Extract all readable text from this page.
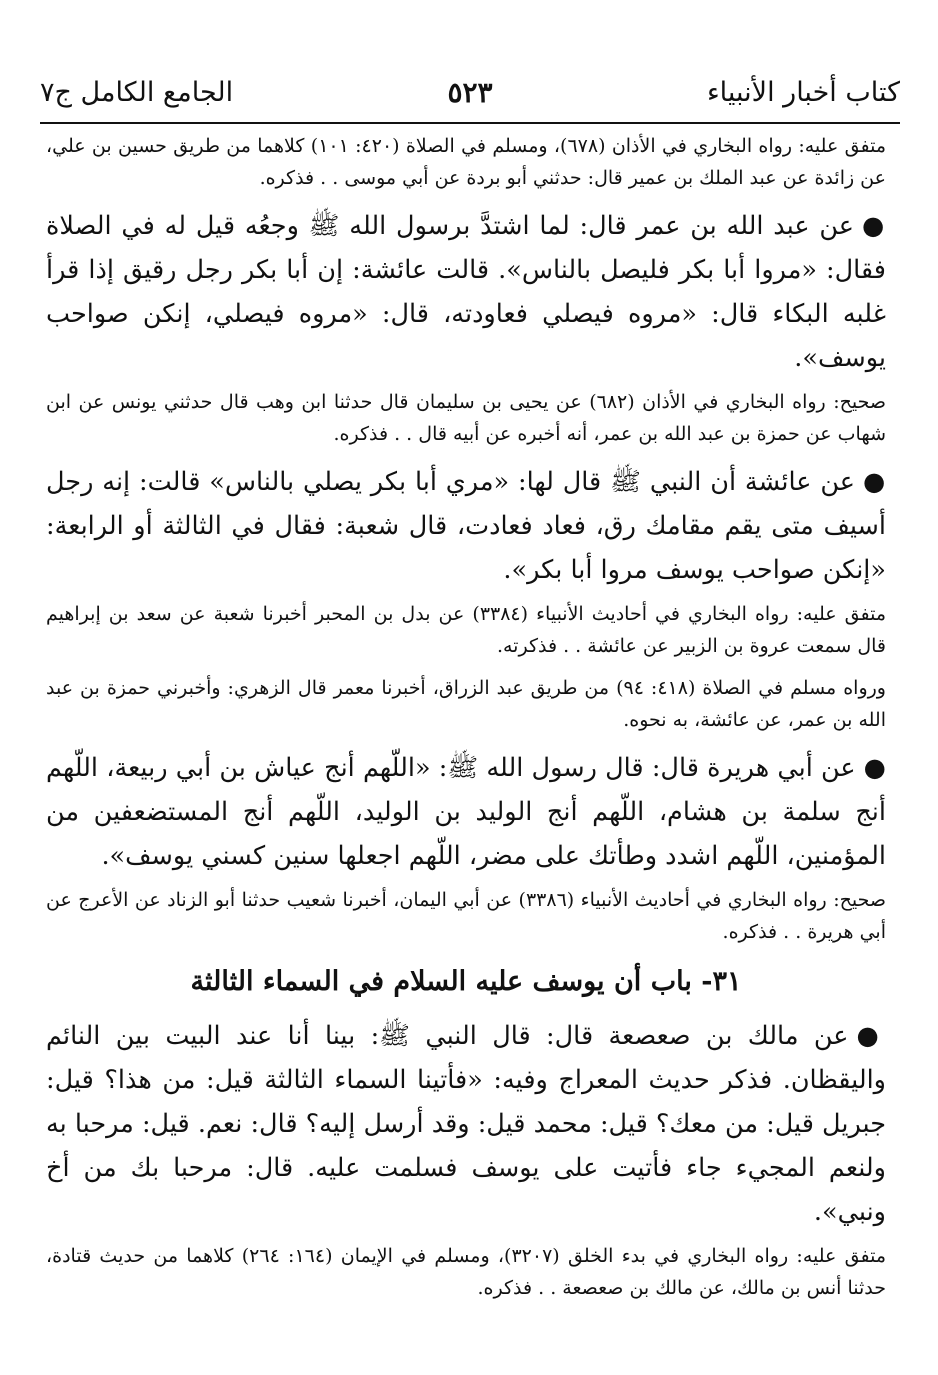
كتاب أخبار الأنبياء
٥٢٣
الجامع الكامل ج٧

متفق عليه: رواه البخاري في الأذان (٦٧٨)، ومسلم في الصلاة (٤٢٠: ١٠١) كلاهما من طريق حسين بن علي، عن زائدة عن عبد الملك بن عمير قال: حدثني أبو بردة عن أبي موسى . . فذكره.

●عن عبد الله بن عمر قال: لما اشتدَّ برسول الله ﷺ وجعُه قيل له في الصلاة فقال: «مروا أبا بكر فليصل بالناس». قالت عائشة: إن أبا بكر رجل رقيق إذا قرأ غلبه البكاء قال: «مروه فيصلي فعاودته، قال: «مروه فيصلي، إنكن صواحب يوسف».

صحيح: رواه البخاري في الأذان (٦٨٢) عن يحيى بن سليمان قال حدثنا ابن وهب قال حدثني يونس عن ابن شهاب عن حمزة بن عبد الله بن عمر، أنه أخبره عن أبيه قال . . فذكره.

●عن عائشة أن النبي ﷺ قال لها: «مري أبا بكر يصلي بالناس» قالت: إنه رجل أسيف متى يقم مقامك رق، فعاد فعادت، قال شعبة: فقال في الثالثة أو الرابعة: «إنكن صواحب يوسف مروا أبا بكر».

متفق عليه: رواه البخاري في أحاديث الأنبياء (٣٣٨٤) عن بدل بن المحبر أخبرنا شعبة عن سعد بن إبراهيم قال سمعت عروة بن الزبير عن عائشة . . فذكرته.

ورواه مسلم في الصلاة (٤١٨: ٩٤) من طريق عبد الزراق، أخبرنا معمر قال الزهري: وأخبرني حمزة بن عبد الله بن عمر، عن عائشة، به نحوه.

●عن أبي هريرة قال: قال رسول الله ﷺ: «اللّهم أنج عياش بن أبي ربيعة، اللّهم أنج سلمة بن هشام، اللّهم أنج الوليد بن الوليد، اللّهم أنج المستضعفين من المؤمنين، اللّهم اشدد وطأتك على مضر، اللّهم اجعلها سنين كسني يوسف».

صحيح: رواه البخاري في أحاديث الأنبياء (٣٣٨٦) عن أبي اليمان، أخبرنا شعيب حدثنا أبو الزناد عن الأعرج عن أبي هريرة . . فذكره.

٣١- باب أن يوسف عليه السلام في السماء الثالثة

●عن مالك بن صعصعة قال: قال النبي ﷺ: بينا أنا عند البيت بين النائم واليقظان. فذكر حديث المعراج وفيه: «فأتينا السماء الثالثة قيل: من هذا؟ قيل: جبريل قيل: من معك؟ قيل: محمد قيل: وقد أرسل إليه؟ قال: نعم. قيل: مرحبا به ولنعم المجيء جاء فأتيت على يوسف فسلمت عليه. قال: مرحبا بك من أخ ونبي».

متفق عليه: رواه البخاري في بدء الخلق (٣٢٠٧)، ومسلم في الإيمان (١٦٤: ٢٦٤) كلاهما من حديث قتادة، حدثنا أنس بن مالك، عن مالك بن صعصعة . . فذكره.
